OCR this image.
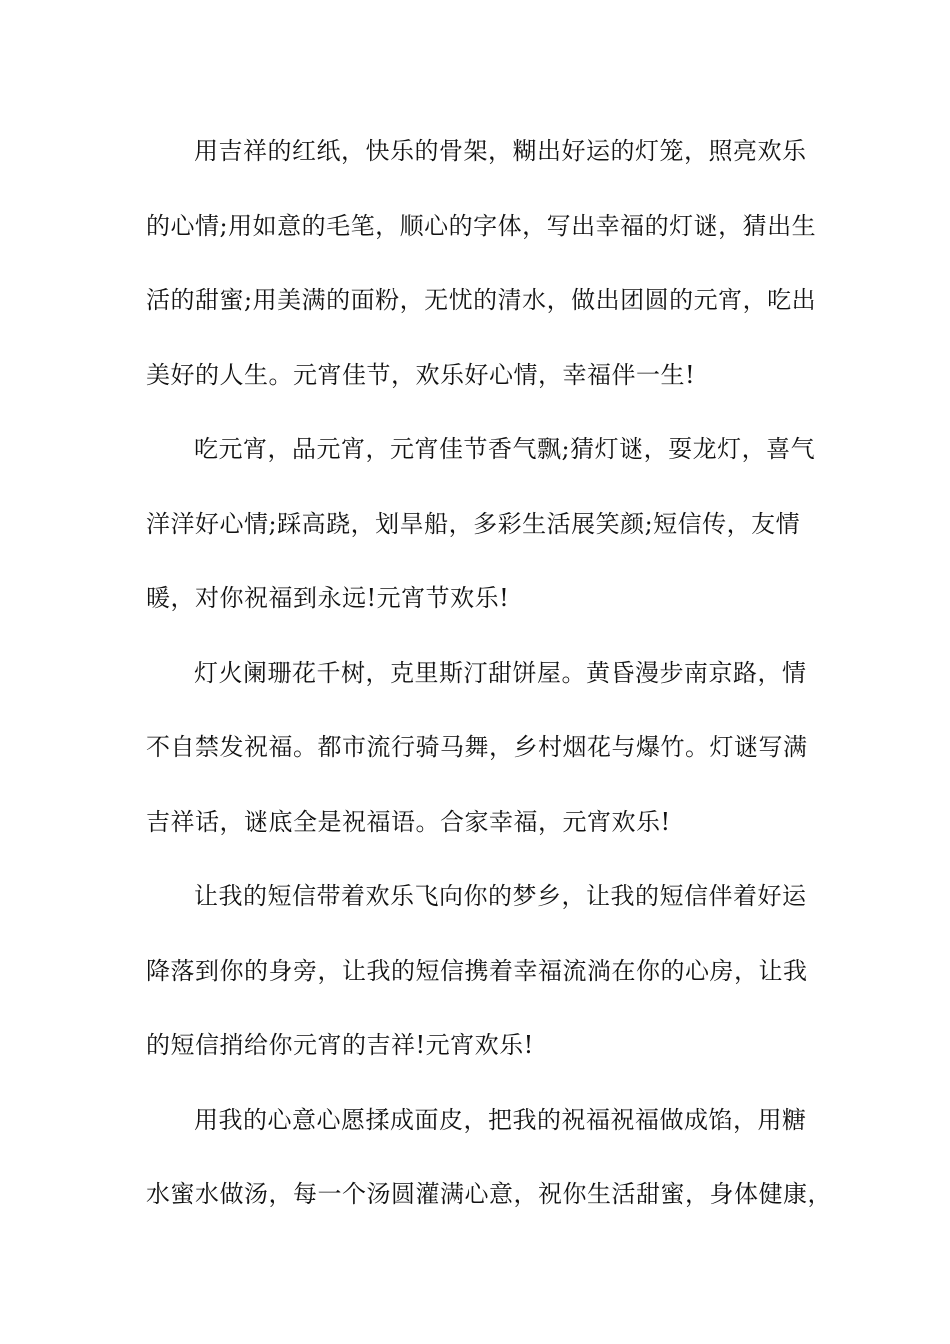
用吉祥的红纸，快乐的骨架，糊出好运的灯笼，照亮欢乐
的心情;用如意的毛笔，顺心的字体，写出幸福的灯谜，猜出生
活的甜蜜;用美满的面粉，无忧的清水，做出团圆的元宵，吃出
美好的人生。元宵佳节，欢乐好心情，幸福伴一生!
吃元宵，品元宵，元宵佳节香气飘;猜灯谜，耍龙灯，喜气
洋洋好心情;踩高跷，划旱船，多彩生活展笑颜;短信传，友情
暖，对你祝福到永远!元宵节欢乐!
灯火阑珊花千树，克里斯汀甜饼屋。黄昏漫步南京路，情
不自禁发祝福。都市流行骑马舞，乡村烟花与爆竹。灯谜写满
吉祥话，谜底全是祝福语。合家幸福，元宵欢乐!
让我的短信带着欢乐飞向你的梦乡，让我的短信伴着好运
降落到你的身旁，让我的短信携着幸福流淌在你的心房，让我
的短信捎给你元宵的吉祥!元宵欢乐!
用我的心意心愿揉成面皮，把我的祝福祝福做成馅，用糖
水蜜水做汤，每一个汤圆灌满心意，祝你生活甜蜜，身体健康，
